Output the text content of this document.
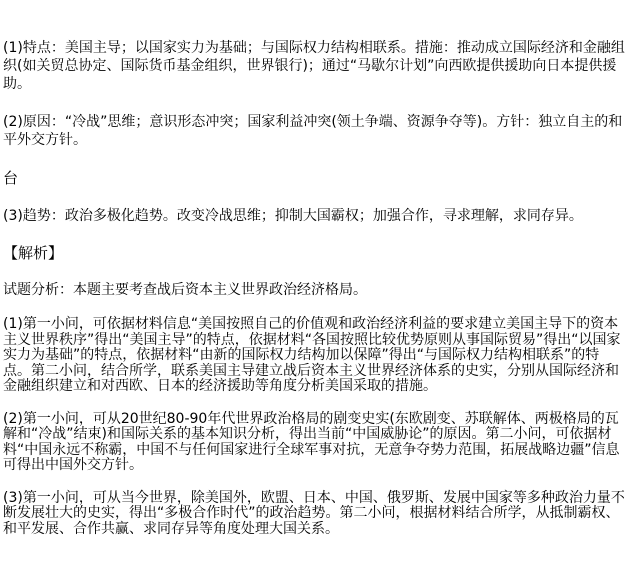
(1)特点：美国主导；以国家实力为基础；与国际权力结构相联系。措施：推动成立国际经济和金融组织(如关贸总协定、国际货币基金组织，世界银行)；通过“马歇尔计划”向西欧提供援助向日本提供援助。

(2)原因：“冷战”思维；意识形态冲突；国家利益冲突(领土争端、资源争夺等)。方针：独立自主的和平外交方针。

台

(3)趋势：政治多极化趋势。改变冷战思维；抑制大国霸权；加强合作，寻求理解，求同存异。

【解析】

试题分析：本题主要考查战后资本主义世界政治经济格局。

(1)第一小问，可依据材料信息“美国按照自己的价值观和政治经济利益的要求建立美国主导下的资本主义世界秩序”得出“美国主导”的特点，依据材料“各国按照比较优势原则从事国际贸易”得出“以国家实力为基础”的特点，依据材料“由新的国际权力结构加以保障”得出“与国际权力结构相联系”的特点。第二小问，结合所学，联系美国主导建立战后资本主义世界经济体系的史实，分别从国际经济和金融组织建立和对西欧、日本的经济援助等角度分析美国采取的措施。

(2)第一小问，可从20世纪80-90年代世界政治格局的剧变史实(东欧剧变、苏联解体、两极格局的瓦解和“冷战”结束)和国际关系的基本知识分析，得出当前“中国威胁论”的原因。第二小问，可依据材料“中国永远不称霸，中国不与任何国家进行全球军事对抗，无意争夺势力范围，拓展战略边疆”信息可得出中国外交方针。

(3)第一小问，可从当今世界，除美国外，欧盟、日本、中国、俄罗斯、发展中国家等多种政治力量不断发展壮大的史实，得出“多极合作时代”的政治趋势。第二小问，根据材料结合所学，从抵制霸权、和平发展、合作共赢、求同存异等角度处理大国关系。
